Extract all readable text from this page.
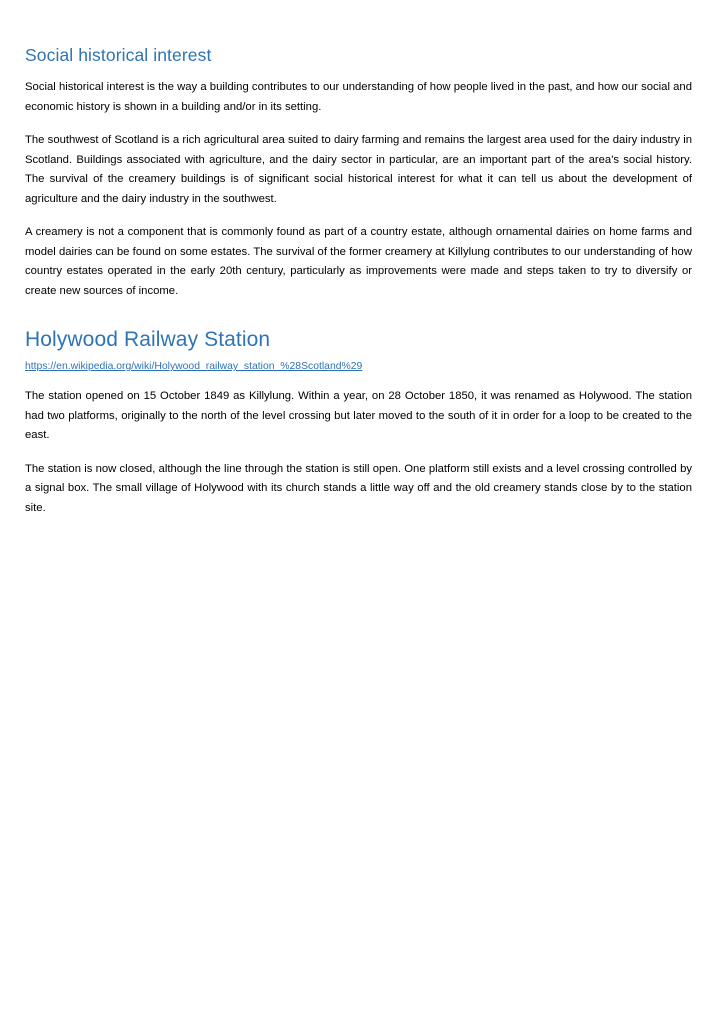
Social historical interest

Social historical interest is the way a building contributes to our understanding of how people lived in the past, and how our social and economic history is shown in a building and/or in its setting.

The southwest of Scotland is a rich agricultural area suited to dairy farming and remains the largest area used for the dairy industry in Scotland. Buildings associated with agriculture, and the dairy sector in particular, are an important part of the area's social history. The survival of the creamery buildings is of significant social historical interest for what it can tell us about the development of agriculture and the dairy industry in the southwest.

A creamery is not a component that is commonly found as part of a country estate, although ornamental dairies on home farms and model dairies can be found on some estates. The survival of the former creamery at Killylung contributes to our understanding of how country estates operated in the early 20th century, particularly as improvements were made and steps taken to try to diversify or create new sources of income.

Holywood Railway Station
https://en.wikipedia.org/wiki/Holywood_railway_station_%28Scotland%29

The station opened on 15 October 1849 as Killylung. Within a year, on 28 October 1850, it was renamed as Holywood. The station had two platforms, originally to the north of the level crossing but later moved to the south of it in order for a loop to be created to the east.

The station is now closed, although the line through the station is still open. One platform still exists and a level crossing controlled by a signal box. The small village of Holywood with its church stands a little way off and the old creamery stands close by to the station site.
